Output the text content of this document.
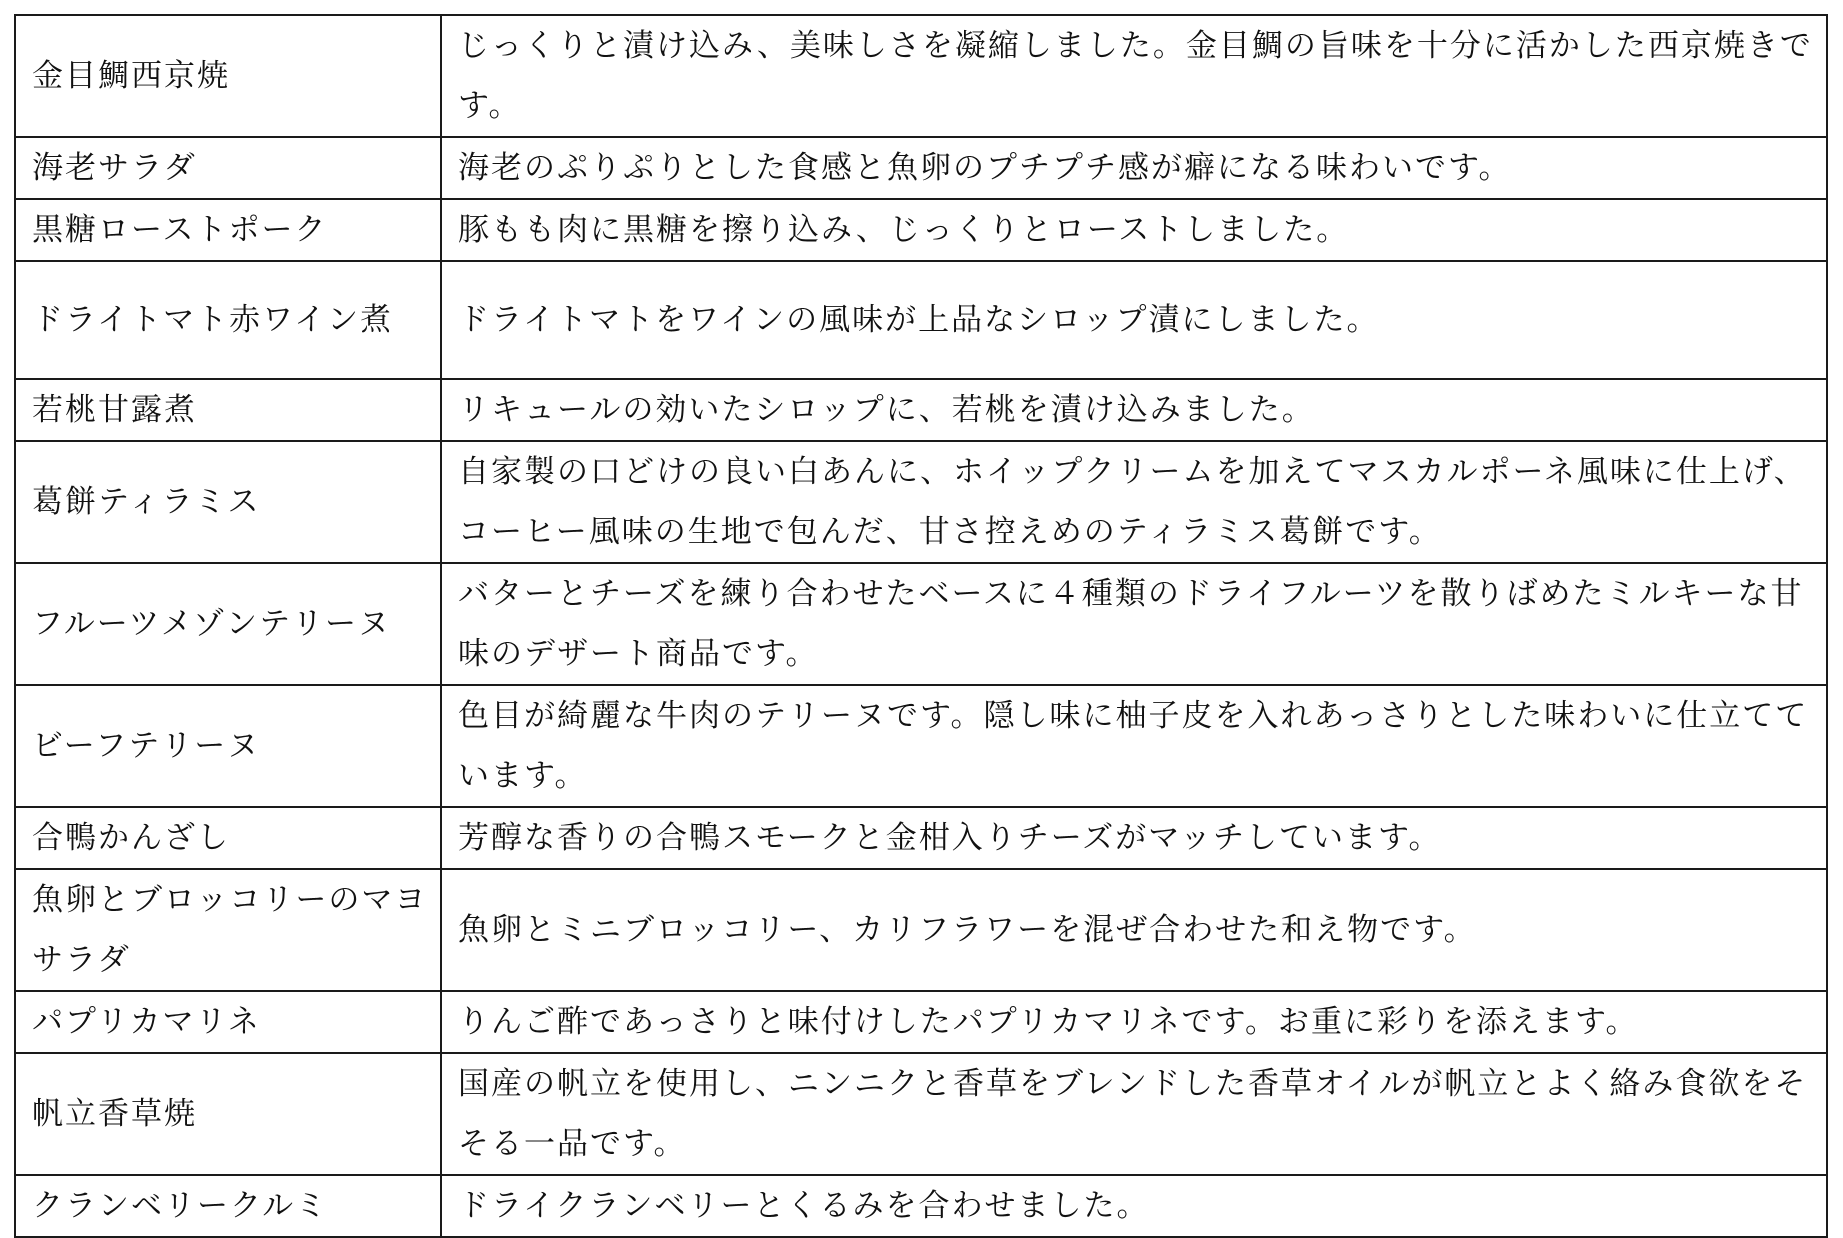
金目鯛西京焼	じっくりと漬け込み、美味しさを凝縮しました。金目鯛の旨味を十分に活かした西京焼きです。
海老サラダ	海老のぷりぷりとした食感と魚卵のプチプチ感が癖になる味わいです。
黒糖ローストポーク	豚もも肉に黒糖を擦り込み、じっくりとローストしました。
ドライトマト赤ワイン煮	ドライトマトをワインの風味が上品なシロップ漬にしました。
若桃甘露煮	リキュールの効いたシロップに、若桃を漬け込みました。
葛餅ティラミス	自家製の口どけの良い白あんに、ホイップクリームを加えてマスカルポーネ風味に仕上げ、コーヒー風味の生地で包んだ、甘さ控えめのティラミス葛餅です。
フルーツメゾンテリーヌ	バターとチーズを練り合わせたベースに４種類のドライフルーツを散りばめたミルキーな甘味のデザート商品です。
ビーフテリーヌ	色目が綺麗な牛肉のテリーヌです。隠し味に柚子皮を入れあっさりとした味わいに仕立てています。
合鴨かんざし	芳醇な香りの合鴨スモークと金柑入りチーズがマッチしています。
魚卵とブロッコリーのマヨサラダ	魚卵とミニブロッコリー、カリフラワーを混ぜ合わせた和え物です。
パプリカマリネ	りんご酢であっさりと味付けしたパプリカマリネです。お重に彩りを添えます。
帆立香草焼	国産の帆立を使用し、ニンニクと香草をブレンドした香草オイルが帆立とよく絡み食欲をそそる一品です。
クランベリークルミ	ドライクランベリーとくるみを合わせました。
